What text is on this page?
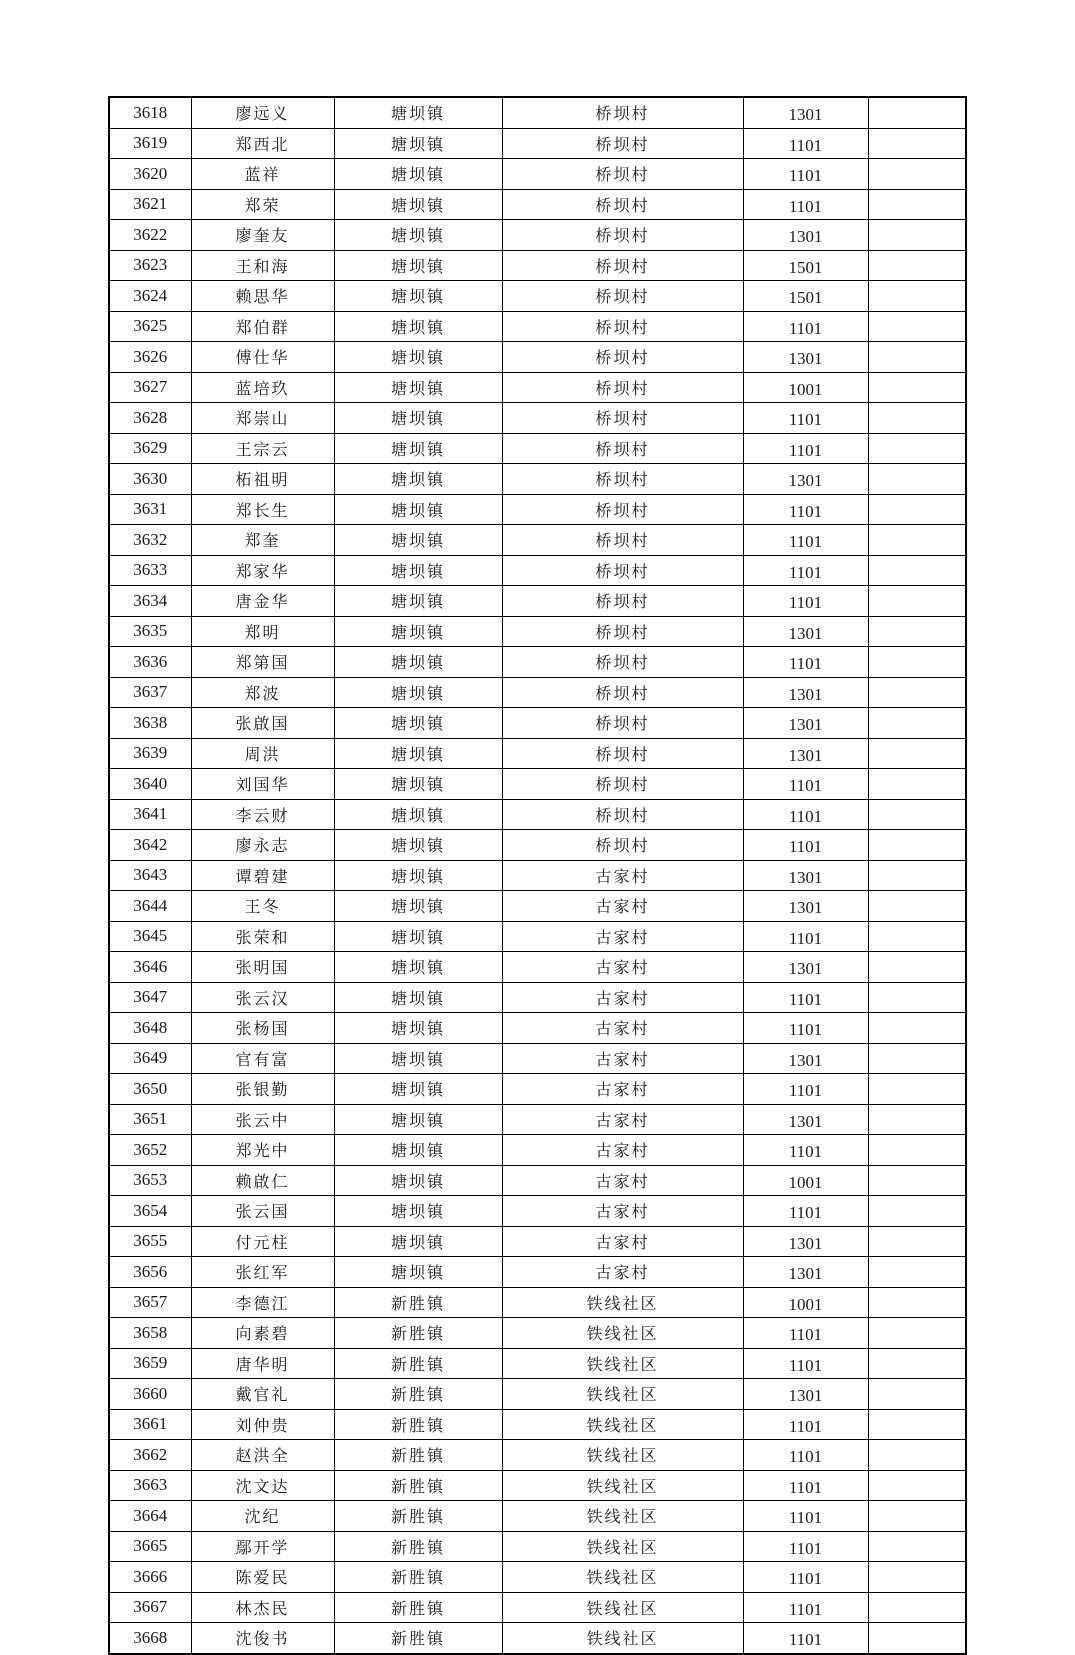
3618	廖远义	塘坝镇	桥坝村	1301	
3619	郑西北	塘坝镇	桥坝村	1101	
3620	蓝祥	塘坝镇	桥坝村	1101	
3621	郑荣	塘坝镇	桥坝村	1101	
3622	廖奎友	塘坝镇	桥坝村	1301	
3623	王和海	塘坝镇	桥坝村	1501	
3624	赖思华	塘坝镇	桥坝村	1501	
3625	郑伯群	塘坝镇	桥坝村	1101	
3626	傅仕华	塘坝镇	桥坝村	1301	
3627	蓝培玖	塘坝镇	桥坝村	1001	
3628	郑崇山	塘坝镇	桥坝村	1101	
3629	王宗云	塘坝镇	桥坝村	1101	
3630	柘祖明	塘坝镇	桥坝村	1301	
3631	郑长生	塘坝镇	桥坝村	1101	
3632	郑奎	塘坝镇	桥坝村	1101	
3633	郑家华	塘坝镇	桥坝村	1101	
3634	唐金华	塘坝镇	桥坝村	1101	
3635	郑明	塘坝镇	桥坝村	1301	
3636	郑第国	塘坝镇	桥坝村	1101	
3637	郑波	塘坝镇	桥坝村	1301	
3638	张啟国	塘坝镇	桥坝村	1301	
3639	周洪	塘坝镇	桥坝村	1301	
3640	刘国华	塘坝镇	桥坝村	1101	
3641	李云财	塘坝镇	桥坝村	1101	
3642	廖永志	塘坝镇	桥坝村	1101	
3643	谭碧建	塘坝镇	古家村	1301	
3644	王冬	塘坝镇	古家村	1301	
3645	张荣和	塘坝镇	古家村	1101	
3646	张明国	塘坝镇	古家村	1301	
3647	张云汉	塘坝镇	古家村	1101	
3648	张杨国	塘坝镇	古家村	1101	
3649	官有富	塘坝镇	古家村	1301	
3650	张银勤	塘坝镇	古家村	1101	
3651	张云中	塘坝镇	古家村	1301	
3652	郑光中	塘坝镇	古家村	1101	
3653	赖啟仁	塘坝镇	古家村	1001	
3654	张云国	塘坝镇	古家村	1101	
3655	付元柱	塘坝镇	古家村	1301	
3656	张红军	塘坝镇	古家村	1301	
3657	李德江	新胜镇	铁线社区	1001	
3658	向素碧	新胜镇	铁线社区	1101	
3659	唐华明	新胜镇	铁线社区	1101	
3660	戴官礼	新胜镇	铁线社区	1301	
3661	刘仲贵	新胜镇	铁线社区	1101	
3662	赵洪全	新胜镇	铁线社区	1101	
3663	沈文达	新胜镇	铁线社区	1101	
3664	沈纪	新胜镇	铁线社区	1101	
3665	鄢开学	新胜镇	铁线社区	1101	
3666	陈爱民	新胜镇	铁线社区	1101	
3667	林杰民	新胜镇	铁线社区	1101	
3668	沈俊书	新胜镇	铁线社区	1101	
